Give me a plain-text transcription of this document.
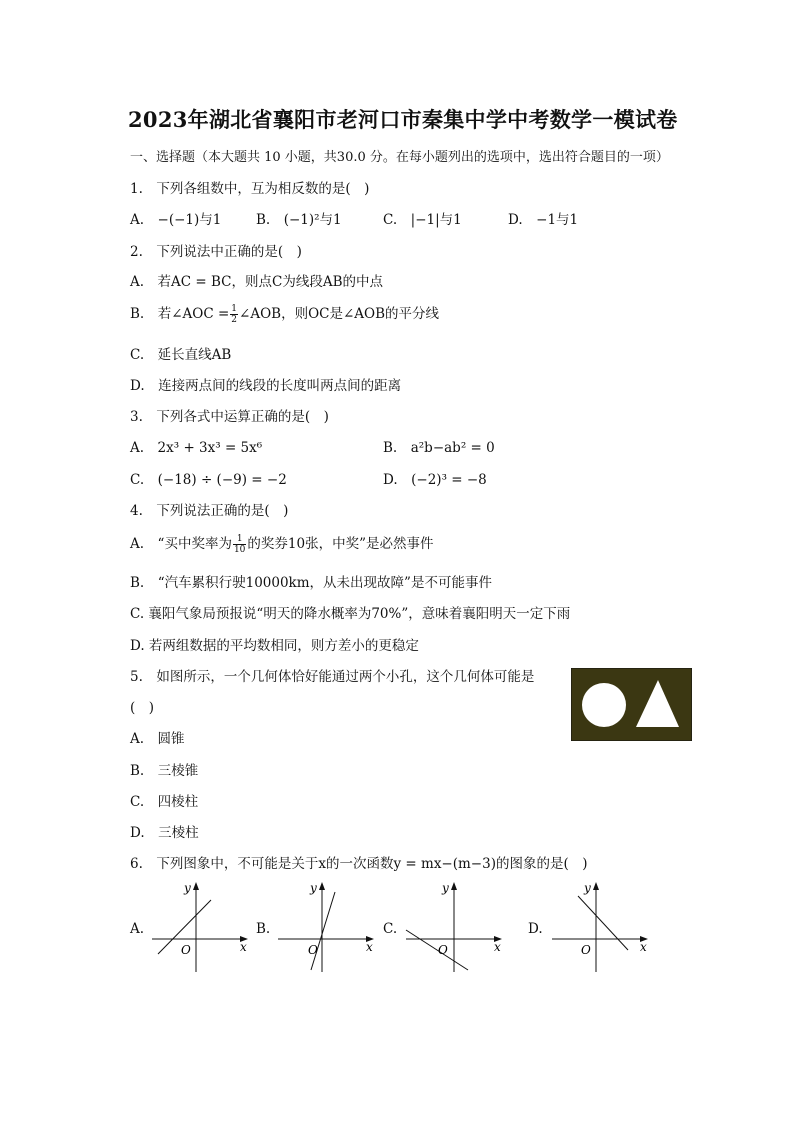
2023年湖北省襄阳市老河口市秦集中学中考数学一模试卷
一、选择题（本大题共 10 小题，共30.0 分。在每小题列出的选项中，选出符合题目的一项）
1.　下列各组数中，互为相反数的是(　)
A.　−(−1)与1	B.　(−1)²与1	C.　|−1|与1	D.　−1与1
2.　下列说法中正确的是(　)
A.　若AC = BC，则点C为线段AB的中点
B.　若∠AOC = $\frac{1}{2}$ ∠AOB，则OC是∠AOB的平分线
C.　延长直线AB
D.　连接两点间的线段的长度叫两点间的距离
3.　下列各式中运算正确的是(　)
A.　2x³ + 3x³ = 5x⁶	B.　a²b−ab² = 0
C.　(−18) ÷ (−9) = −2	D.　(−2)³ = −8
4.　下列说法正确的是(　)
A.　“买中奖率为 $\frac{1}{10}$ 的奖券10张，中奖”是必然事件
B.　“汽车累积行驶10000km，从未出现故障”是不可能事件
C. 襄阳气象局预报说“明天的降水概率为70%”，意味着襄阳明天一定下雨
D. 若两组数据的平均数相同，则方差小的更稳定
5.　如图所示，一个几何体恰好能通过两个小孔，这个几何体可能是
(　)
A.　圆锥
B.　三棱锥
C.　四棱柱
D.　三棱柱
6.　下列图象中，不可能是关于x的一次函数y = mx−(m−3)的图象的是(　)
A.	B.	C.	D.
x
y
O	x
y
O	x
y
O	x
y
O
